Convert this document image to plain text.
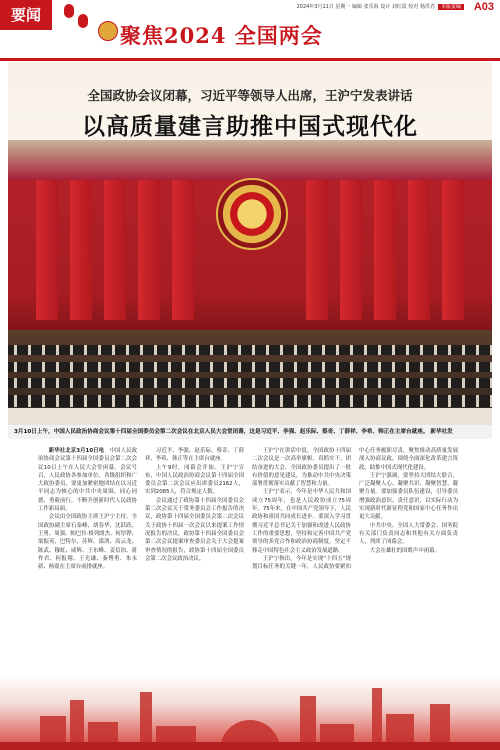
要闻
聚焦2024 全国两会
2024年3月11日 星期一 编辑 张乐海 设计 刘红霞 校对 杨洪君 本版责编 A03
全国政协会议闭幕，习近平等领导人出席，王沪宁发表讲话
以高质量建言助推中国式现代化
3月10日上午，中国人民政治协商会议第十四届全国委员会第二次会议在北京人民大会堂闭幕，这是习近平、李强、赵乐际、蔡奇、丁薛祥、李希、韩正在主席台就座。 新华社发

新华社北京3月10日电　 中国人民政治协商会议第十四届全国委员会第二次会议10日上午在人民大会堂闭幕。会议号召，人民政协各参加单位、各级组织和广大政协委员，要更加紧密地团结在以习近平同志为核心的中共中央周围，同心同德、勇毅前行，不断开创新时代人民政协工作新局面。

会议由全国政协主席王沪宁主持，全国政协副主席石泰峰、胡春华、沈跃跃、王勇、周强、帕巴拉·格列朗杰、何厚铧、梁振英、巴特尔、苏辉、邵鸿、高云龙、陈武、穆虹、咸辉、王东峰、姜信治、蒋作君、何报翔、王光谦、秦博勇、朱永新、杨震在主席台前排就座。

习近平、李强、赵乐际、蔡奇、丁薛祥、李希、韩正等在主席台就座。

上午9时，闭幕会开始。王沪宁宣布，中国人民政治协商会议第十四届全国委员会第二次会议应出席委员2162人，实到2085人，符合规定人数。

会议通过了政协第十四届全国委员会第二次会议关于常务委员会工作报告的决议，政协第十四届全国委员会第二次会议关于政协十四届一次会议以来提案工作情况报告的决议，政协第十四届全国委员会第二次会议提案审查委员会关于大会提案审查情况的报告，政协第十四届全国委员会第二次会议政治决议。

王沪宁在讲话中说，全国政协十四届二次会议是一次高举旗帜、真抓实干、团结奋进的大会。全国政协委员提出了一批有价值的意见建议，为推动中共中央决策部署贯彻落实贡献了智慧和力量。

王沪宁表示，今年是中华人民共和国成立75周年，也是人民政协成立75周年。75年来，在中国共产党领导下，人民政协和祖国共同成长进步。要深入学习贯彻习近平总书记关于加强和改进人民政协工作的重要思想，坚持和完善中国共产党领导的多党合作和政治协商制度，坚定不移走中国特色社会主义政治发展道路。

王沪宁指出，今年是实现“十四五”规划目标任务的关键一年。人民政协要紧扣中心任务履职尽责，聚焦推动高质量发展深入协商议政，围绕全面深化改革建言资政，助推中国式现代化建设。

王沪宁强调，要坚持大团结大联合，广泛凝聚人心、凝聚共识、凝聚智慧、凝聚力量。要加强委员队伍建设，引导委员增强政治意识、责任意识，以实际行动为实现新时代新征程党和国家中心任务作出更大贡献。

中共中央、全国人大常委会、国务院有关部门负责同志和其他有关方面负责人，列席了闭幕会。

大会在雄壮的国歌声中闭幕。
